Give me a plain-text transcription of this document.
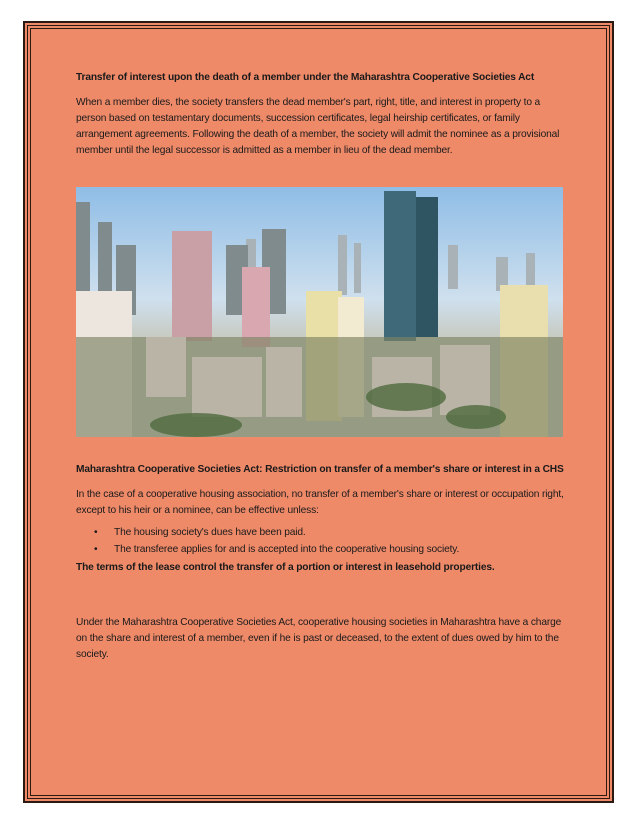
Transfer of interest upon the death of a member under the Maharashtra Cooperative Societies Act

When a member dies, the society transfers the dead member's part, right, title, and interest in property to a person based on testamentary documents, succession certificates, legal heirship certificates, or family arrangement agreements. Following the death of a member, the society will admit the nominee as a provisional member until the legal successor is admitted as a member in lieu of the dead member.

Maharashtra Cooperative Societies Act: Restriction on transfer of a member's share or interest in a CHS

In the case of a cooperative housing association, no transfer of a member's share or interest or occupation right, except to his heir or a nominee, can be effective unless:

• The housing society's dues have been paid.
• The transferee applies for and is accepted into the cooperative housing society.

The terms of the lease control the transfer of a portion or interest in leasehold properties.

Under the Maharashtra Cooperative Societies Act, cooperative housing societies in Maharashtra have a charge on the share and interest of a member, even if he is past or deceased, to the extent of dues owed by him to the society.
